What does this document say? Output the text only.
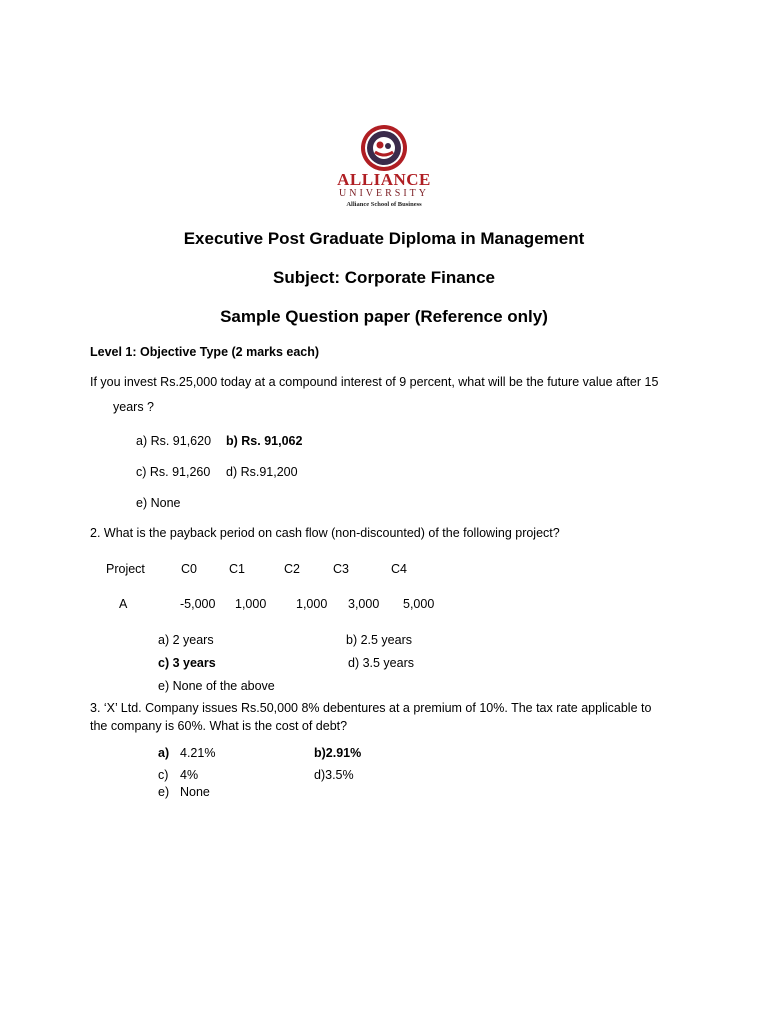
ALLIANCE
UNIVERSITY
Alliance School of Business
Executive Post Graduate Diploma in Management
Subject: Corporate Finance
Sample Question paper (Reference only)
Level 1: Objective Type (2 marks each)
If you invest Rs.25,000 today at a compound interest of 9 percent, what will be the future value after 15
years ?
a) Rs. 91,620 b) Rs. 91,062
c) Rs. 91,260 d) Rs.91,200
e) None
2. What is the payback period on cash flow (non-discounted) of the following project?
Project	C0	C1	C2	C3	C4
A	-5,000 1,000 1,000 3,000 5,000
a) 2 years	b) 2.5 years
c) 3 years	d) 3.5 years
e) None of the above
3. ‘X’ Ltd. Company issues Rs.50,000 8% debentures at a premium of 10%. The tax rate applicable to
the company is 60%. What is the cost of debt?
a) 4.21%	b)2.91%
c) 4%	d)3.5%
e) None
